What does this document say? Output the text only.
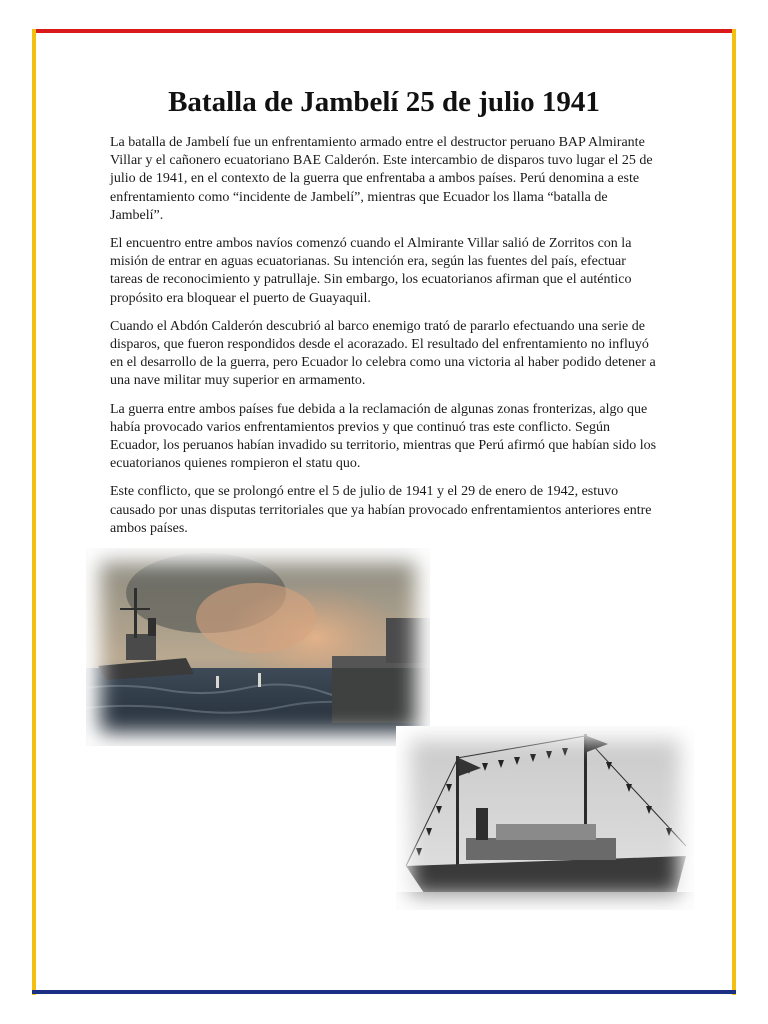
Batalla de Jambelí 25 de julio 1941

La batalla de Jambelí fue un enfrentamiento armado entre el destructor peruano BAP Almirante Villar y el cañonero ecuatoriano BAE Calderón. Este intercambio de disparos tuvo lugar el 25 de julio de 1941, en el contexto de la guerra que enfrentaba a ambos países. Perú denomina a este enfrentamiento como “incidente de Jambelí”, mientras que Ecuador los llama “batalla de Jambelí”.

El encuentro entre ambos navíos comenzó cuando el Almirante Villar salió de Zorritos con la misión de entrar en aguas ecuatorianas. Su intención era, según las fuentes del país, efectuar tareas de reconocimiento y patrullaje. Sin embargo, los ecuatorianos afirman que el auténtico propósito era bloquear el puerto de Guayaquil.

Cuando el Abdón Calderón descubrió al barco enemigo trató de pararlo efectuando una serie de disparos, que fueron respondidos desde el acorazado. El resultado del enfrentamiento no influyó en el desarrollo de la guerra, pero Ecuador lo celebra como una victoria al haber podido detener a una nave militar muy superior en armamento.

La guerra entre ambos países fue debida a la reclamación de algunas zonas fronterizas, algo que había provocado varios enfrentamientos previos y que continuó tras este conflicto. Según Ecuador, los peruanos habían invadido su territorio, mientras que Perú afirmó que habían sido los ecuatorianos quienes rompieron el statu quo.

Este conflicto, que se prolongó entre el 5 de julio de 1941 y el 29 de enero de 1942, estuvo causado por unas disputas territoriales que ya habían provocado enfrentamientos anteriores entre ambos países.
